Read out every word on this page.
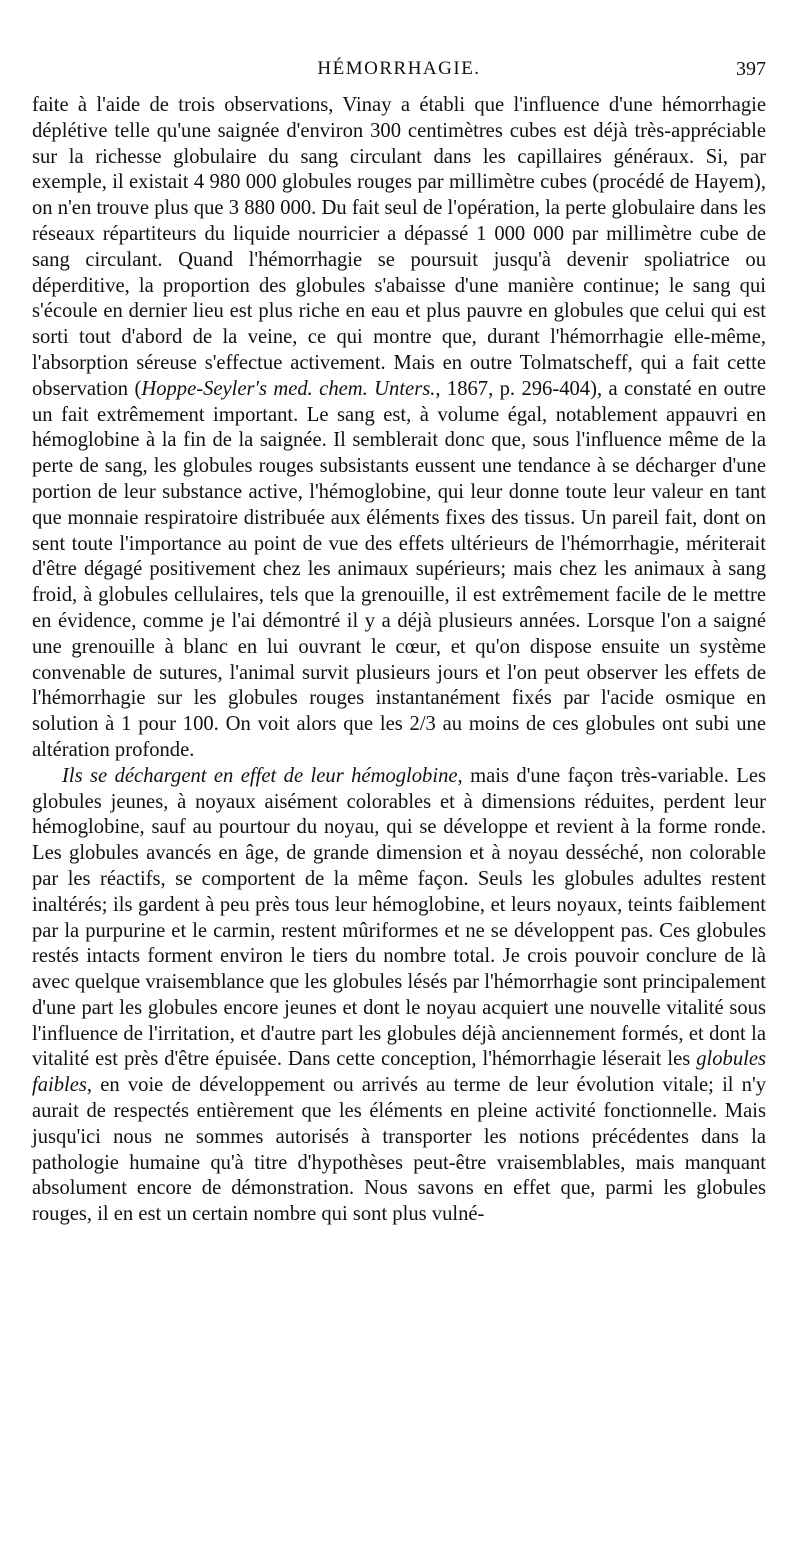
HÉMORRHAGIE.	397

faite à l'aide de trois observations, Vinay a établi que l'influence d'une hémorrhagie déplétive telle qu'une saignée d'environ 300 centimètres cubes est déjà très-appréciable sur la richesse globulaire du sang circulant dans les capillaires généraux. Si, par exemple, il existait 4 980 000 globules rouges par millimètre cubes (procédé de Hayem), on n'en trouve plus que 3 880 000. Du fait seul de l'opération, la perte globulaire dans les réseaux répartiteurs du liquide nourricier a dépassé 1 000 000 par millimètre cube de sang circulant. Quand l'hémorrhagie se poursuit jusqu'à devenir spoliatrice ou déperditive, la proportion des globules s'abaisse d'une manière continue; le sang qui s'écoule en dernier lieu est plus riche en eau et plus pauvre en globules que celui qui est sorti tout d'abord de la veine, ce qui montre que, durant l'hémorrhagie elle-même, l'absorption séreuse s'effectue activement. Mais en outre Tolmatscheff, qui a fait cette observation (Hoppe-Seyler's med. chem. Unters., 1867, p. 296-404), a constaté en outre un fait extrêmement important. Le sang est, à volume égal, notablement appauvri en hémoglobine à la fin de la saignée. Il semblerait donc que, sous l'influence même de la perte de sang, les globules rouges subsistants eussent une tendance à se décharger d'une portion de leur substance active, l'hémoglobine, qui leur donne toute leur valeur en tant que monnaie respiratoire distribuée aux éléments fixes des tissus. Un pareil fait, dont on sent toute l'importance au point de vue des effets ultérieurs de l'hémorrhagie, mériterait d'être dégagé positivement chez les animaux supérieurs; mais chez les animaux à sang froid, à globules cellulaires, tels que la grenouille, il est extrêmement facile de le mettre en évidence, comme je l'ai démontré il y a déjà plusieurs années. Lorsque l'on a saigné une grenouille à blanc en lui ouvrant le cœur, et qu'on dispose ensuite un système convenable de sutures, l'animal survit plusieurs jours et l'on peut observer les effets de l'hémorrhagie sur les globules rouges instantanément fixés par l'acide osmique en solution à 1 pour 100. On voit alors que les 2/3 au moins de ces globules ont subi une altération profonde.

Ils se déchargent en effet de leur hémoglobine, mais d'une façon très-variable. Les globules jeunes, à noyaux aisément colorables et à dimensions réduites, perdent leur hémoglobine, sauf au pourtour du noyau, qui se développe et revient à la forme ronde. Les globules avancés en âge, de grande dimension et à noyau desséché, non colorable par les réactifs, se comportent de la même façon. Seuls les globules adultes restent inaltérés; ils gardent à peu près tous leur hémoglobine, et leurs noyaux, teints faiblement par la purpurine et le carmin, restent mûriformes et ne se développent pas. Ces globules restés intacts forment environ le tiers du nombre total. Je crois pouvoir conclure de là avec quelque vraisemblance que les globules lésés par l'hémorrhagie sont principalement d'une part les globules encore jeunes et dont le noyau acquiert une nouvelle vitalité sous l'influence de l'irritation, et d'autre part les globules déjà anciennement formés, et dont la vitalité est près d'être épuisée. Dans cette conception, l'hémorrhagie léserait les globules faibles, en voie de développement ou arrivés au terme de leur évolution vitale; il n'y aurait de respectés entièrement que les éléments en pleine activité fonctionnelle. Mais jusqu'ici nous ne sommes autorisés à transporter les notions précédentes dans la pathologie humaine qu'à titre d'hypothèses peut-être vraisemblables, mais manquant absolument encore de démonstration. Nous savons en effet que, parmi les globules rouges, il en est un certain nombre qui sont plus vulné-
